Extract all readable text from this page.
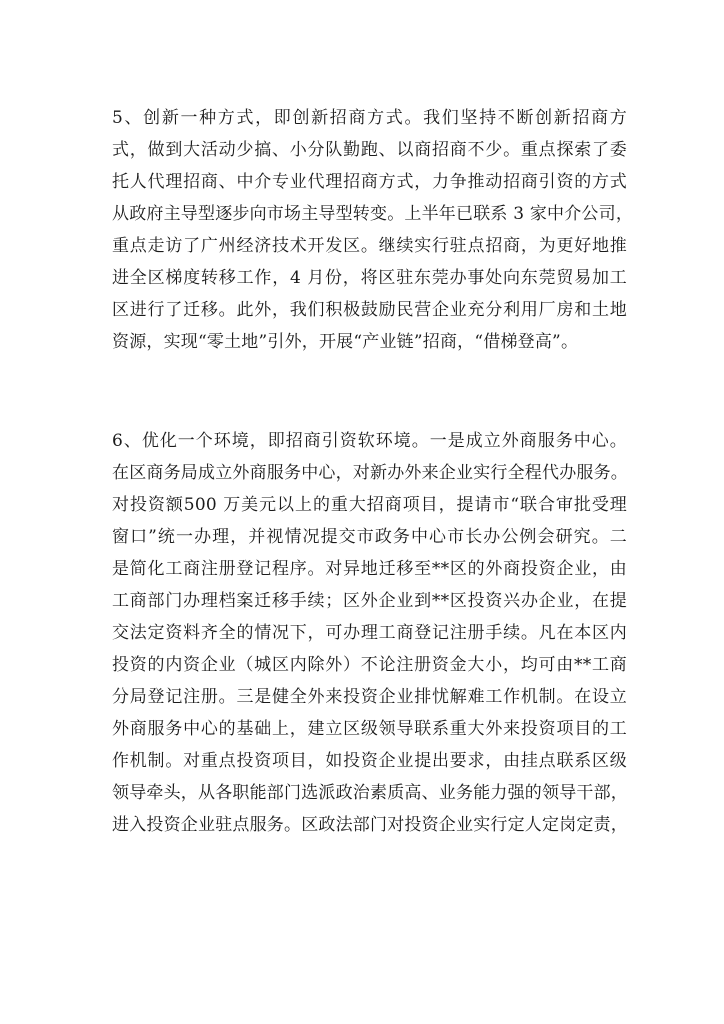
5、创新一种方式，即创新招商方式。我们坚持不断创新招商方
式，做到大活动少搞、小分队勤跑、以商招商不少。重点探索了委
托人代理招商、中介专业代理招商方式，力争推动招商引资的方式
从政府主导型逐步向市场主导型转变。上半年已联系 3 家中介公司，
重点走访了广州经济技术开发区。继续实行驻点招商，为更好地推
进全区梯度转移工作，4 月份，将区驻东莞办事处向东莞贸易加工
区进行了迁移。此外，我们积极鼓励民营企业充分利用厂房和土地
资源，实现“零土地”引外，开展“产业链”招商，“借梯登高”。
6、优化一个环境，即招商引资软环境。一是成立外商服务中心。
在区商务局成立外商服务中心，对新办外来企业实行全程代办服务。
对投资额500 万美元以上的重大招商项目，提请市“联合审批受理
窗口”统一办理，并视情况提交市政务中心市长办公例会研究。二
是简化工商注册登记程序。对异地迁移至**区的外商投资企业，由
工商部门办理档案迁移手续；区外企业到**区投资兴办企业，在提
交法定资料齐全的情况下，可办理工商登记注册手续。凡在本区内
投资的内资企业（城区内除外）不论注册资金大小，均可由**工商
分局登记注册。三是健全外来投资企业排忧解难工作机制。在设立
外商服务中心的基础上，建立区级领导联系重大外来投资项目的工
作机制。对重点投资项目，如投资企业提出要求，由挂点联系区级
领导牵头，从各职能部门选派政治素质高、业务能力强的领导干部，
进入投资企业驻点服务。区政法部门对投资企业实行定人定岗定责，
